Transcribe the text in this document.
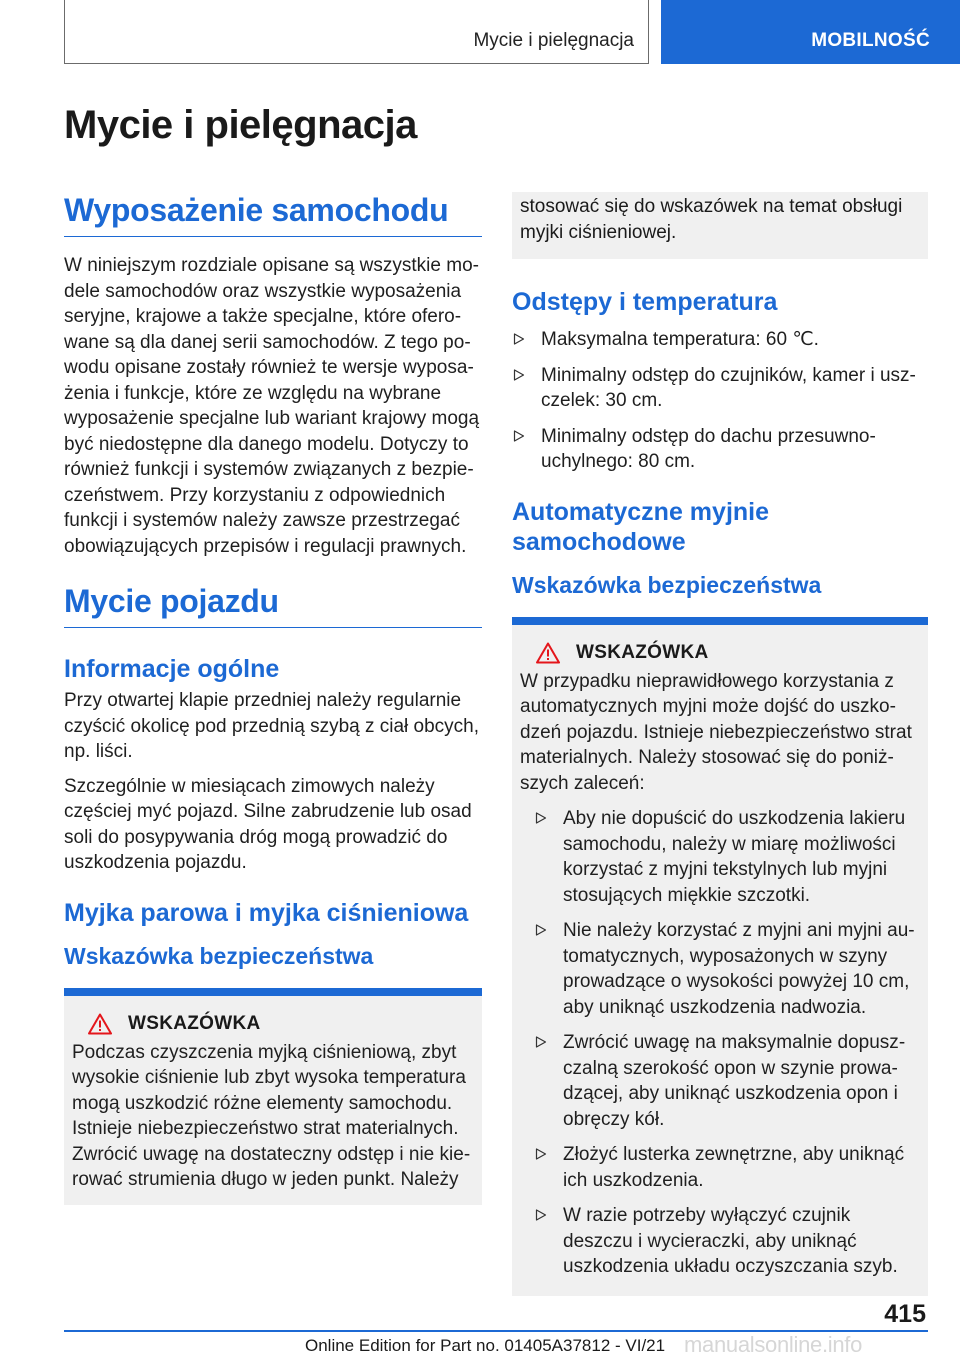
Mycie i pielęgnacja	MOBILNOŚĆ
Mycie i pielęgnacja
Wyposażenie samochodu

W niniejszym rozdziale opisane są wszystkie modele samochodów oraz wszystkie wyposażenia seryjne, krajowe a także specjalne, które oferowane są dla danej serii samochodów. Z tego powodu opisane zostały również te wersje wyposażenia i funkcje, które ze względu na wybrane wyposażenie specjalne lub wariant krajowy mogą być niedostępne dla danego modelu. Dotyczy to również funkcji i systemów związanych z bezpieczeństwem. Przy korzystaniu z odpowiednich funkcji i systemów należy zawsze przestrzegać obowiązujących przepisów i regulacji prawnych.

Mycie pojazdu
Informacje ogólne

Przy otwartej klapie przedniej należy regularnie czyścić okolicę pod przednią szybą z ciał obcych, np. liści.

Szczególnie w miesiącach zimowych należy częściej myć pojazd. Silne zabrudzenie lub osad soli do posypywania dróg mogą prowadzić do uszkodzenia pojazdu.

Myjka parowa i myjka ciśnieniowa
Wskazówka bezpieczeństwa
WSKAZÓWKA

Podczas czyszczenia myjką ciśnieniową, zbyt wysokie ciśnienie lub zbyt wysoka temperatura mogą uszkodzić różne elementy samochodu. Istnieje niebezpieczeństwo strat materialnych. Zwrócić uwagę na dostateczny odstęp i nie kierować strumienia długo w jeden punkt. Należy

stosować się do wskazówek na temat obsługi myjki ciśnieniowej.

Odstępy i temperatura
Maksymalna temperatura: 60 ℃.
Minimalny odstęp do czujników, kamer i uszczelek: 30 cm.
Minimalny odstęp do dachu przesuwno-uchylnego: 80 cm.
Automatyczne myjnie samochodowe
Wskazówka bezpieczeństwa
WSKAZÓWKA

W przypadku nieprawidłowego korzystania z automatycznych myjni może dojść do uszkodzeń pojazdu. Istnieje niebezpieczeństwo strat materialnych. Należy stosować się do poniższych zaleceń:

Aby nie dopuścić do uszkodzenia lakieru samochodu, należy w miarę możliwości korzystać z myjni tekstylnych lub myjni stosujących miękkie szczotki.
Nie należy korzystać z myjni ani myjni automatycznych, wyposażonych w szyny prowadzące o wysokości powyżej 10 cm, aby uniknąć uszkodzenia nadwozia.
Zwrócić uwagę na maksymalnie dopuszczalną szerokość opon w szynie prowadzącej, aby uniknąć uszkodzenia opon i obręczy kół.
Złożyć lusterka zewnętrzne, aby uniknąć ich uszkodzenia.
W razie potrzeby wyłączyć czujnik deszczu i wycieraczki, aby uniknąć uszkodzenia układu oczyszczania szyb.
415
manualsonline.info
Online Edition for Part no. 01405A37812 - VI/21
